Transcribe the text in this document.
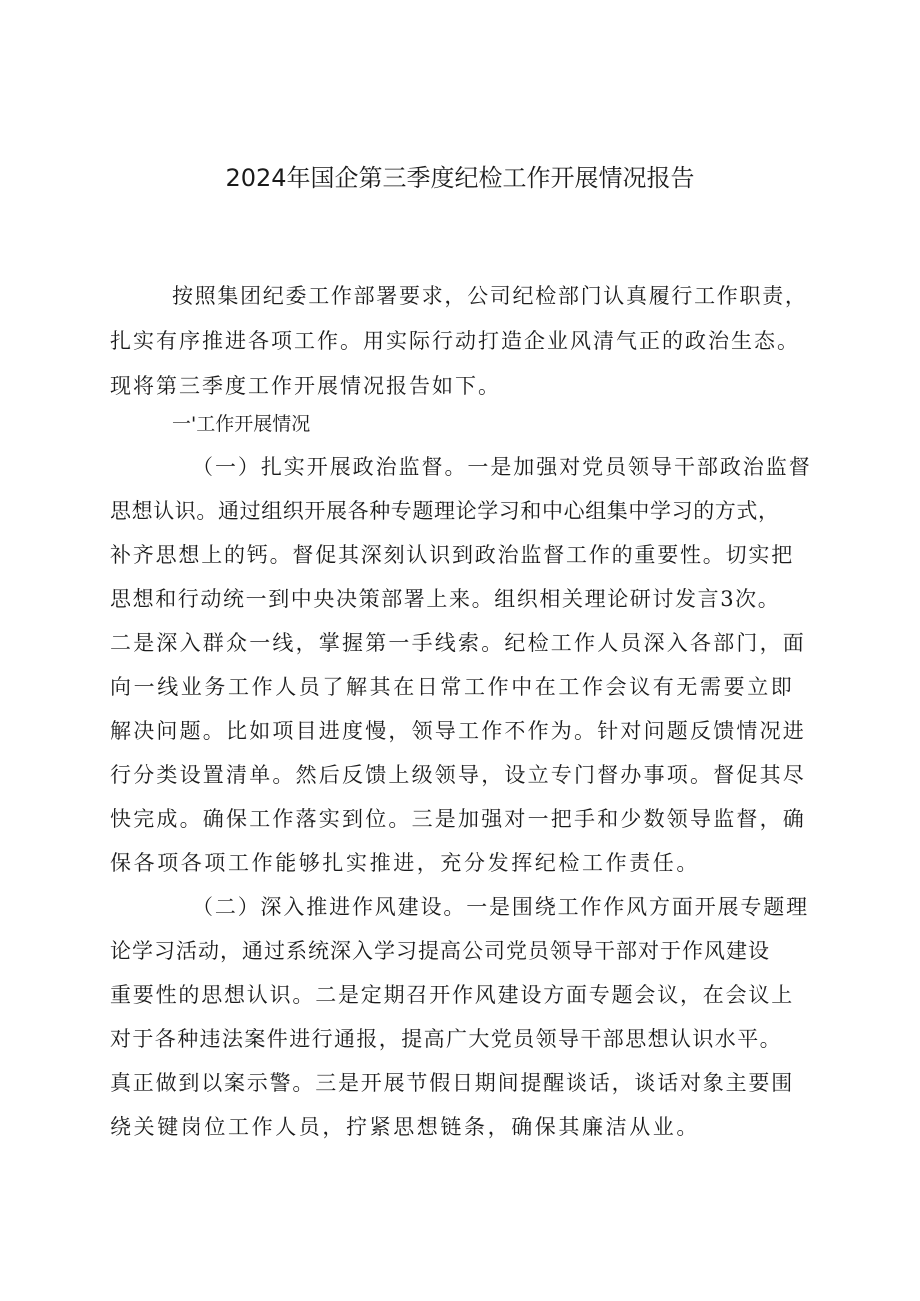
2024年国企第三季度纪检工作开展情况报告
按照集团纪委工作部署要求，公司纪检部门认真履行工作职责，
扎实有序推进各项工作。用实际行动打造企业风清气正的政治生态。
现将第三季度工作开展情况报告如下。
一'工作开展情况
（一）扎实开展政治监督。一是加强对党员领导干部政治监督
思想认识。通过组织开展各种专题理论学习和中心组集中学习的方式，
补齐思想上的钙。督促其深刻认识到政治监督工作的重要性。切实把
思想和行动统一到中央决策部署上来。组织相关理论研讨发言3次。
二是深入群众一线，掌握第一手线索。纪检工作人员深入各部门，面
向一线业务工作人员了解其在日常工作中在工作会议有无需要立即
解决问题。比如项目进度慢，领导工作不作为。针对问题反馈情况进
行分类设置清单。然后反馈上级领导，设立专门督办事项。督促其尽
快完成。确保工作落实到位。三是加强对一把手和少数领导监督，确
保各项各项工作能够扎实推进，充分发挥纪检工作责任。
（二）深入推进作风建设。一是围绕工作作风方面开展专题理
论学习活动，通过系统深入学习提高公司党员领导干部对于作风建设
重要性的思想认识。二是定期召开作风建设方面专题会议，在会议上
对于各种违法案件进行通报，提高广大党员领导干部思想认识水平。
真正做到以案示警。三是开展节假日期间提醒谈话，谈话对象主要围
绕关键岗位工作人员，拧紧思想链条，确保其廉洁从业。
